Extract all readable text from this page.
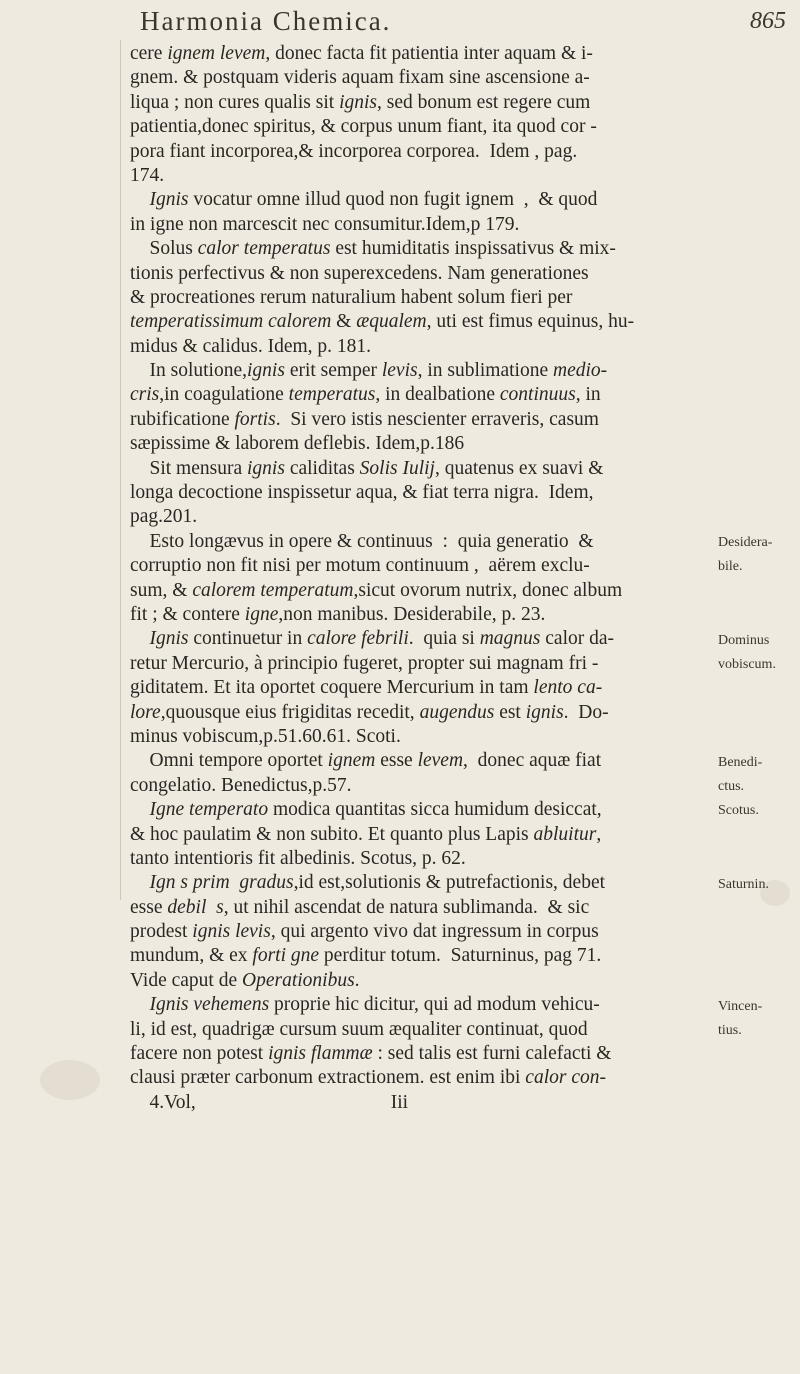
Harmonia Chemica.	865
cere ignem levem, donec facta fit patientia inter aquam & i-
gnem. & postquam videris aquam fixam sine ascensione a-
liqua ; non cures qualis sit ignis, sed bonum est regere cum
patientia,donec spiritus, & corpus unum fiant, ita quod cor -
pora fiant incorporea,& incorporea corporea.  Idem , pag.
174.
Ignis vocatur omne illud quod non fugit ignem  ,  & quod
in igne non marcescit nec consumitur.Idem,p 179.
Solus calor temperatus est humiditatis inspissativus & mix-
tionis perfectivus & non superexcedens. Nam generationes
& procreationes rerum naturalium habent solum fieri per
temperatissimum calorem & æqualem, uti est fimus equinus, hu-
midus & calidus. Idem, p. 181.
In solutione,ignis erit semper levis, in sublimatione medio-
cris,in coagulatione temperatus, in dealbatione continuus, in
rubificatione fortis.  Si vero istis nescienter erraveris, casum
sæpissime & laborem deflebis. Idem,p.186
Sit mensura ignis caliditas Solis Iulij, quatenus ex suavi &
longa decoctione inspissetur aqua, & fiat terra nigra.  Idem,
pag.201.
Esto longævus in opere & continuus  :  quia generatio  &
corruptio non fit nisi per motum continuum ,  aërem exclu-
sum, & calorem temperatum,sicut ovorum nutrix, donec album
fit ; & contere igne,non manibus. Desiderabile, p. 23.
Ignis continuetur in calore febrili.  quia si magnus calor da-
retur Mercurio, à principio fugeret, propter sui magnam fri -
giditatem. Et ita oportet coquere Mercurium in tam lento ca-
lore,quousque eius frigiditas recedit, augendus est ignis.  Do-
minus vobiscum,p.51.60.61. Scoti.
Omni tempore oportet ignem esse levem,  donec aquæ fiat
congelatio. Benedictus,p.57.
Igne temperato modica quantitas sicca humidum desiccat,
& hoc paulatim & non subito. Et quanto plus Lapis abluitur,
tanto intentioris fit albedinis. Scotus, p. 62.
Ign s prim  gradus,id est,solutionis & putrefactionis, debet
esse debil  s, ut nihil ascendat de natura sublimanda.  & sic
prodest ignis levis, qui argento vivo dat ingressum in corpus
mundum, & ex forti gne perditur totum.  Saturninus, pag 71.
Vide caput de Operationibus.
Ignis vehemens proprie hic dicitur, qui ad modum vehicu-
li, id est, quadrigæ cursum suum æqualiter continuat, quod
facere non potest ignis flammæ : sed talis est furni calefacti &
clausi præter carbonum extractionem. est enim ibi calor con-
4.Vol,                                        Iii
Desidera-
bile.
Dominus
vobiscum.
Benedi-
ctus.
Scotus.
Saturnin.
Vincen-
tius.
